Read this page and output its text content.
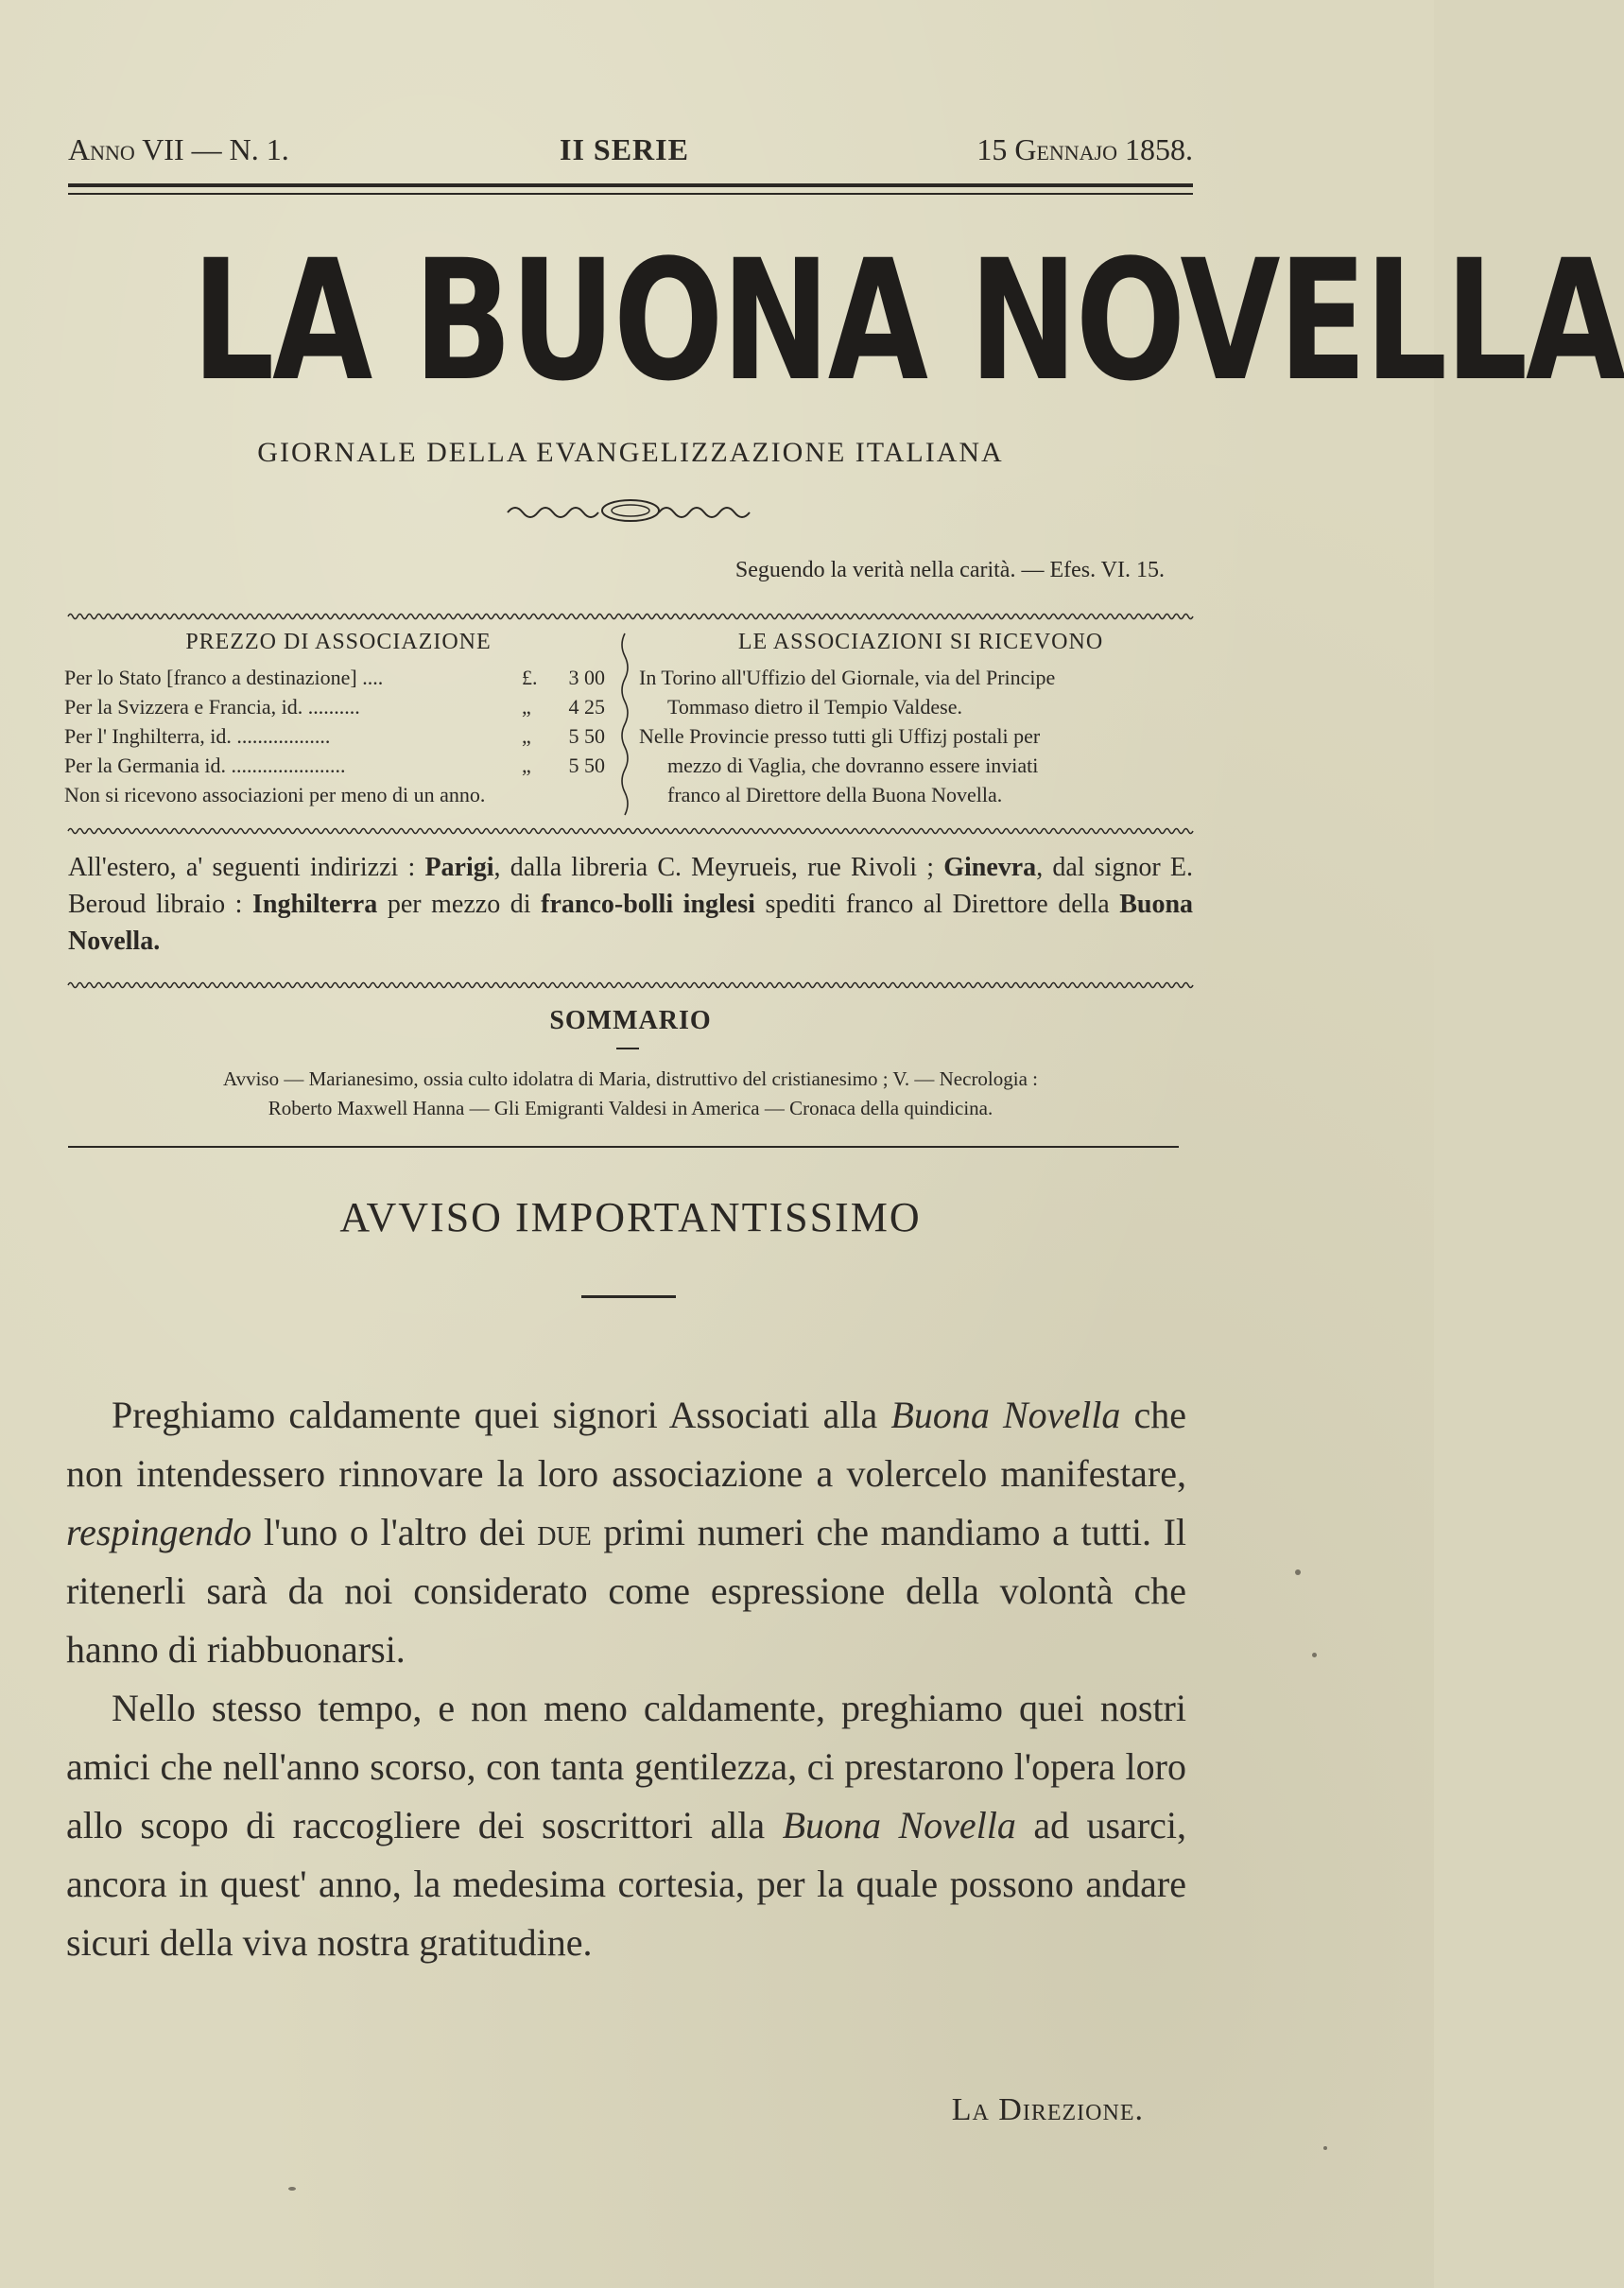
Anno VII — N. 1.	II SERIE	15 Gennajo 1858.
LA BUONA NOVELLA
GIORNALE DELLA EVANGELIZZAZIONE ITALIANA
Seguendo la verità nella carità. — Efes. VI. 15.
PREZZO DI ASSOCIAZIONE
Per lo Stato [franco a destinazione] ....	£. 3 00
Per la Svizzera e Francia, id. ..........	„ 4 25
Per l' Inghilterra, id. ..................	„ 5 50
Per la Germania id. ......................	„ 5 50
Non si ricevono associazioni per meno di un anno.
LE ASSOCIAZIONI SI RICEVONO
In Torino all'Uffizio del Giornale, via del Principe
Tommaso dietro il Tempio Valdese.
Nelle Provincie presso tutti gli Uffizj postali per
mezzo di Vaglia, che dovranno essere inviati
franco al Direttore della Buona Novella.
All'estero, a' seguenti indirizzi : Parigi, dalla libreria C. Meyrueis, rue Rivoli ; Ginevra, dal signor E. Beroud libraio : Inghilterra per mezzo di franco-bolli inglesi spediti franco al Direttore della Buona Novella.
SOMMARIO
Avviso — Marianesimo, ossia culto idolatra di Maria, distruttivo del cristianesimo ; V. — Necrologia :
Roberto Maxwell Hanna — Gli Emigranti Valdesi in America — Cronaca della quindicina.
AVVISO IMPORTANTISSIMO

Preghiamo caldamente quei signori Associati alla Buona Novella che non intendessero rinnovare la loro associazione a volercelo manifestare, respingendo l'uno o l'altro dei due primi numeri che mandiamo a tutti. Il ritenerli sarà da noi considerato come espressione della volontà che hanno di riabbuonarsi.

Nello stesso tempo, e non meno caldamente, preghiamo quei nostri amici che nell'anno scorso, con tanta gentilezza, ci prestarono l'opera loro allo scopo di raccogliere dei soscrittori alla Buona Novella ad usarci, ancora in quest' anno, la medesima cortesia, per la quale possono andare sicuri della viva nostra gratitudine.

La Direzione.
